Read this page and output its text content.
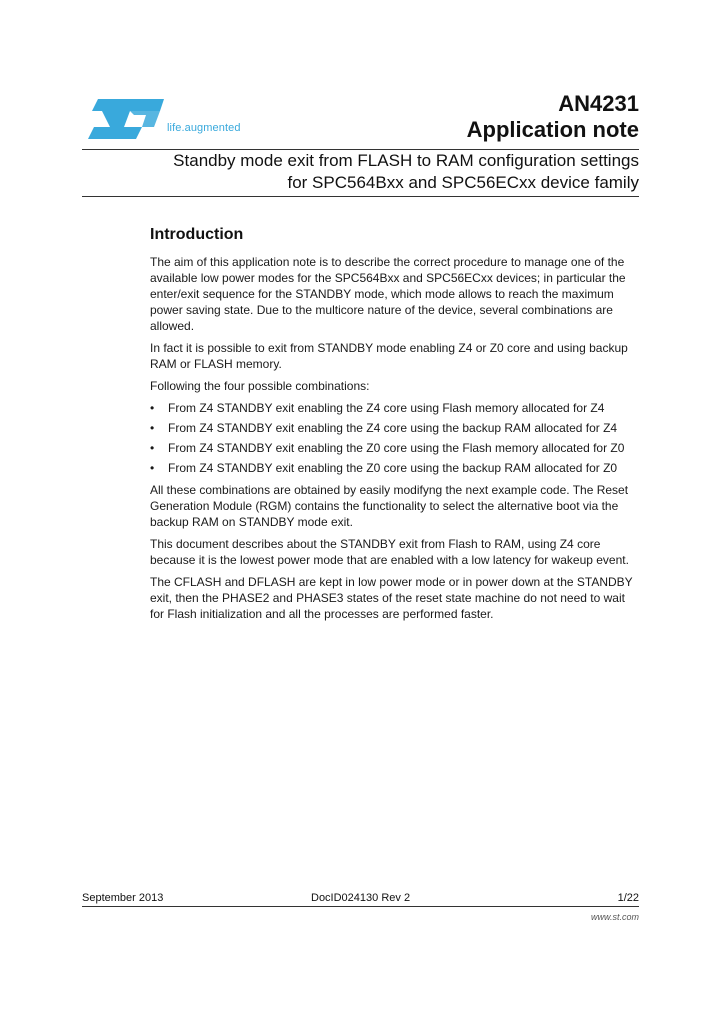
life.augmented
AN4231
Application note
Standby mode exit from FLASH to RAM configuration settings
for SPC564Bxx and SPC56ECxx device family
Introduction

The aim of this application note is to describe the correct procedure to manage one of the available low power modes for the SPC564Bxx and SPC56ECxx devices; in particular the enter/exit sequence for the STANDBY mode, which mode allows to reach the maximum power saving state. Due to the multicore nature of the device, several combinations are allowed.

In fact it is possible to exit from STANDBY mode enabling Z4 or Z0 core and using backup RAM or FLASH memory.

Following the four possible combinations:

• From Z4 STANDBY exit enabling the Z4 core using Flash memory allocated for Z4
• From Z4 STANDBY exit enabling the Z4 core using the backup RAM allocated for Z4
• From Z4 STANDBY exit enabling the Z0 core using the Flash memory allocated for Z0
• From Z4 STANDBY exit enabling the Z0 core using the backup RAM allocated for Z0

All these combinations are obtained by easily modifyng the next example code. The Reset Generation Module (RGM) contains the functionality to select the alternative boot via the backup RAM on STANDBY mode exit.

This document describes about the STANDBY exit from Flash to RAM, using Z4 core because it is the lowest power mode that are enabled with a low latency for wakeup event.

The CFLASH and DFLASH are kept in low power mode or in power down at the STANDBY exit, then the PHASE2 and PHASE3 states of the reset state machine do not need to wait for Flash initialization and all the processes are performed faster.

September 2013	DocID024130 Rev 2	1/22
www.st.com
